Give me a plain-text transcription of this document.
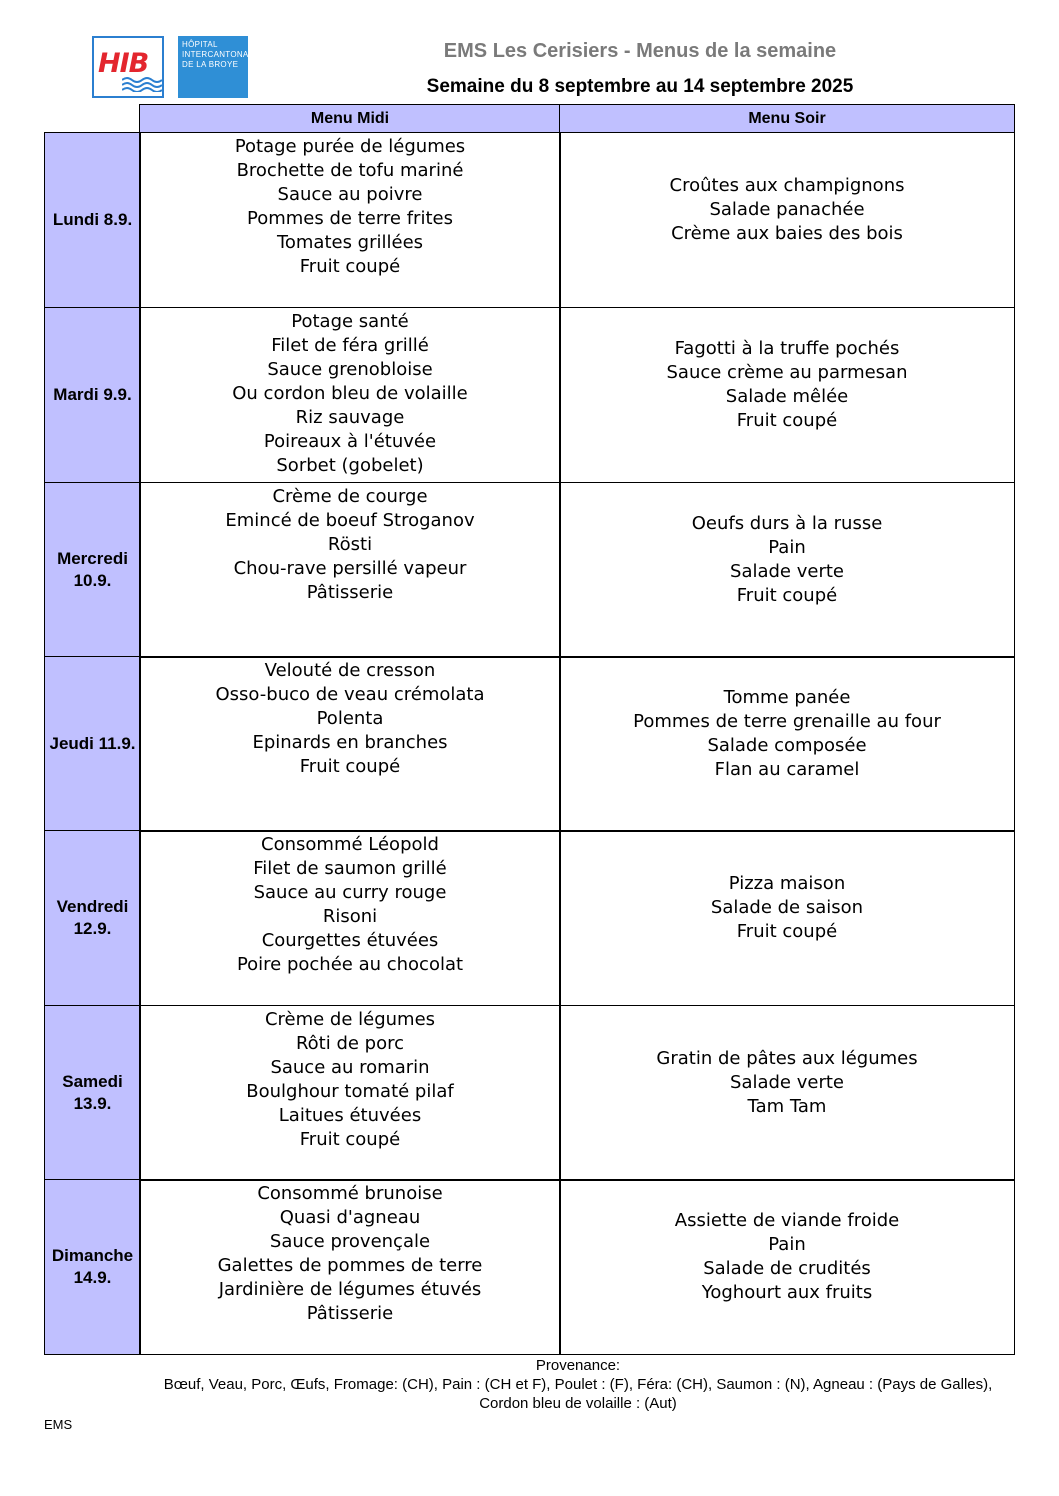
HIB
HÔPITAL
INTERCANTONAL
DE LA BROYE
EMS Les Cerisiers - Menus de la semaine
Semaine du 8 septembre au 14 septembre 2025
Menu Midi	Menu Soir
Lundi 8.9.
Potage purée de légumes
Brochette de tofu mariné
Sauce au poivre
Pommes de terre frites
Tomates grillées
Fruit coupé
Croûtes aux champignons
Salade panachée
Crème aux baies des bois
Mardi 9.9.
Potage santé
Filet de féra grillé
Sauce grenobloise
Ou cordon bleu de volaille
Riz sauvage
Poireaux à l'étuvée
Sorbet (gobelet)
Fagotti à la truffe pochés
Sauce crème au parmesan
Salade mêlée
Fruit coupé
Mercredi 10.9.
Crème de courge
Emincé de boeuf Stroganov
Rösti
Chou-rave persillé vapeur
Pâtisserie
Oeufs durs à la russe
Pain
Salade verte
Fruit coupé
Jeudi 11.9.
Velouté de cresson
Osso-buco de veau crémolata
Polenta
Epinards en branches
Fruit coupé
Tomme panée
Pommes de terre grenaille au four
Salade composée
Flan au caramel
Vendredi 12.9.
Consommé Léopold
Filet de saumon grillé
Sauce au curry rouge
Risoni
Courgettes étuvées
Poire pochée au chocolat
Pizza maison
Salade de saison
Fruit coupé
Samedi 13.9.
Crème de légumes
Rôti de porc
Sauce au romarin
Boulghour tomaté pilaf
Laitues étuvées
Fruit coupé
Gratin de pâtes aux légumes
Salade verte
Tam Tam
Dimanche 14.9.
Consommé brunoise
Quasi d'agneau
Sauce provençale
Galettes de pommes de terre
Jardinière de légumes étuvés
Pâtisserie
Assiette de viande froide
Pain
Salade de crudités
Yoghourt aux fruits
Provenance:
Bœuf, Veau, Porc, Œufs, Fromage: (CH), Pain : (CH et F), Poulet : (F), Féra: (CH), Saumon : (N), Agneau : (Pays de Galles), Cordon bleu de volaille : (Aut)
EMS
